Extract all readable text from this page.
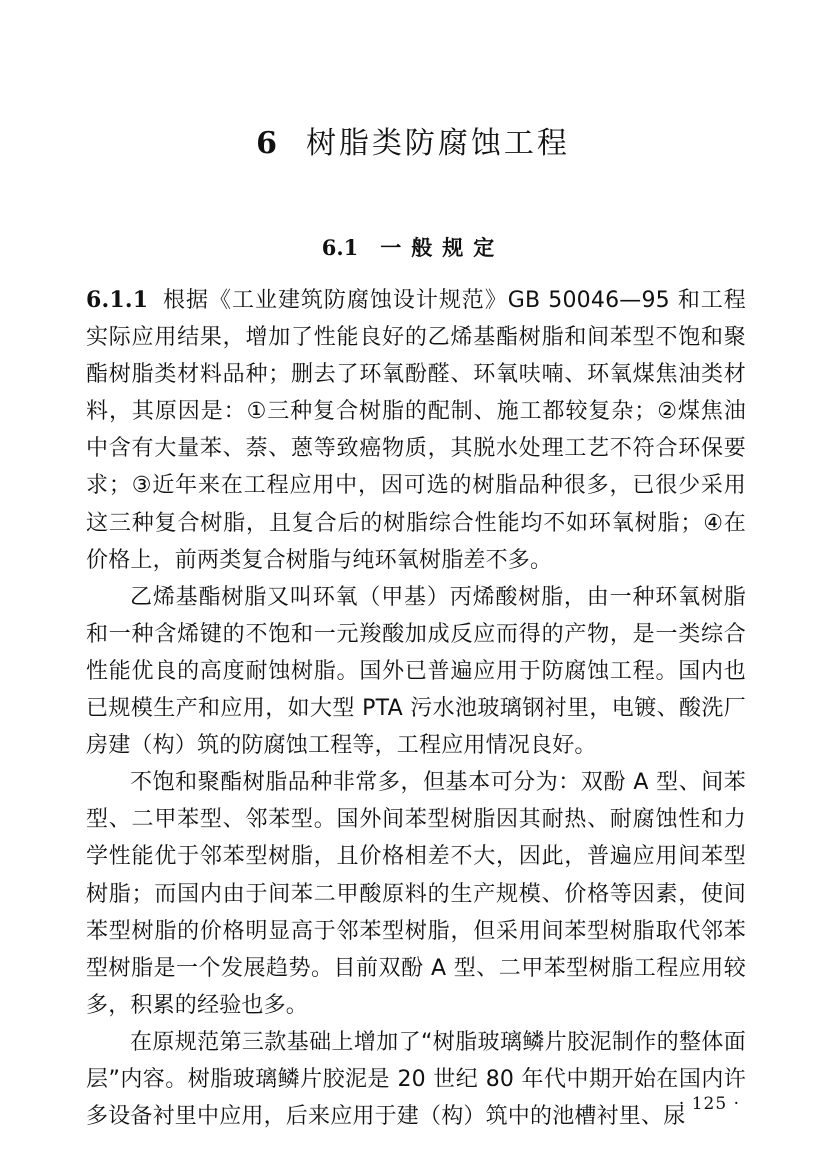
6 树脂类防腐蚀工程
6.1 一般规定

6.1.1 根据《工业建筑防腐蚀设计规范》GB 50046—95 和工程实际应用结果，增加了性能良好的乙烯基酯树脂和间苯型不饱和聚酯树脂类材料品种；删去了环氧酚醛、环氧呋喃、环氧煤焦油类材料，其原因是：①三种复合树脂的配制、施工都较复杂；②煤焦油中含有大量苯、萘、蒽等致癌物质，其脱水处理工艺不符合环保要求；③近年来在工程应用中，因可选的树脂品种很多，已很少采用这三种复合树脂，且复合后的树脂综合性能均不如环氧树脂；④在价格上，前两类复合树脂与纯环氧树脂差不多。

乙烯基酯树脂又叫环氧（甲基）丙烯酸树脂，由一种环氧树脂和一种含烯键的不饱和一元羧酸加成反应而得的产物，是一类综合性能优良的高度耐蚀树脂。国外已普遍应用于防腐蚀工程。国内也已规模生产和应用，如大型 PTA 污水池玻璃钢衬里，电镀、酸洗厂房建（构）筑的防腐蚀工程等，工程应用情况良好。

不饱和聚酯树脂品种非常多，但基本可分为：双酚 A 型、间苯型、二甲苯型、邻苯型。国外间苯型树脂因其耐热、耐腐蚀性和力学性能优于邻苯型树脂，且价格相差不大，因此，普遍应用间苯型树脂；而国内由于间苯二甲酸原料的生产规模、价格等因素，使间苯型树脂的价格明显高于邻苯型树脂，但采用间苯型树脂取代邻苯型树脂是一个发展趋势。目前双酚 A 型、二甲苯型树脂工程应用较多，积累的经验也多。

在原规范第三款基础上增加了“树脂玻璃鳞片胶泥制作的整体面层”内容。树脂玻璃鳞片胶泥是 20 世纪 80 年代中期开始在国内许多设备衬里中应用，后来应用于建（构）筑中的池槽衬里、尿

· 125 ·
